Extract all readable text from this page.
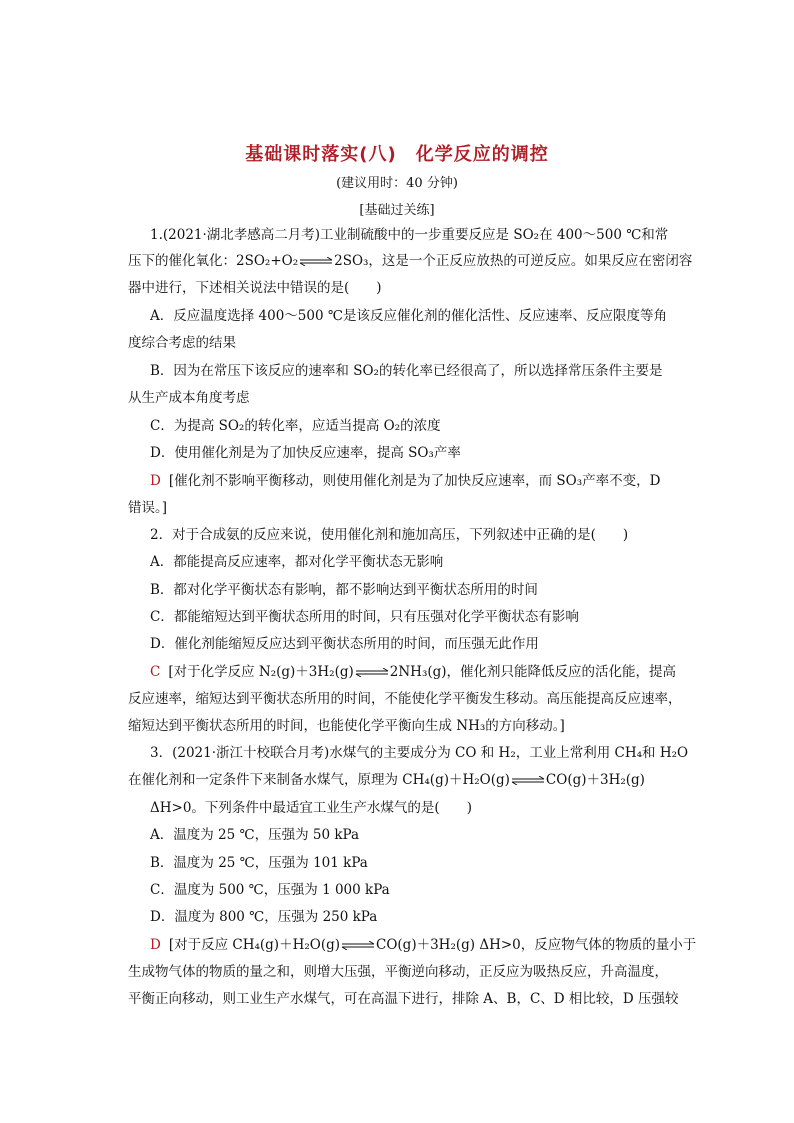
基础课时落实(八)　化学反应的调控
(建议用时：40 分钟)
[基础过关练]
1.(2021·湖北孝感高二月考)工业制硫酸中的一步重要反应是 SO₂在 400～500 ℃和常
压下的催化氧化：2SO₂+O₂⇌2SO₃，这是一个正反应放热的可逆反应。如果反应在密闭容
器中进行，下述相关说法中错误的是(　　)
A．反应温度选择 400～500 ℃是该反应催化剂的催化活性、反应速率、反应限度等角
度综合考虑的结果
B．因为在常压下该反应的速率和 SO₂的转化率已经很高了，所以选择常压条件主要是
从生产成本角度考虑
C．为提高 SO₂的转化率，应适当提高 O₂的浓度
D．使用催化剂是为了加快反应速率，提高 SO₃产率
D [催化剂不影响平衡移动，则使用催化剂是为了加快反应速率，而 SO₃产率不变，D
错误。]
2．对于合成氨的反应来说，使用催化剂和施加高压，下列叙述中正确的是(　　)
A．都能提高反应速率，都对化学平衡状态无影响
B．都对化学平衡状态有影响，都不影响达到平衡状态所用的时间
C．都能缩短达到平衡状态所用的时间，只有压强对化学平衡状态有影响
D．催化剂能缩短反应达到平衡状态所用的时间，而压强无此作用
C [对于化学反应 N₂(g)＋3H₂(g)⇌2NH₃(g)，催化剂只能降低反应的活化能，提高
反应速率，缩短达到平衡状态所用的时间，不能使化学平衡发生移动。高压能提高反应速率，
缩短达到平衡状态所用的时间，也能使化学平衡向生成 NH₃的方向移动。]
3．(2021·浙江十校联合月考)水煤气的主要成分为 CO 和 H₂，工业上常利用 CH₄和 H₂O
在催化剂和一定条件下来制备水煤气，原理为 CH₄(g)＋H₂O(g)⇌CO(g)＋3H₂(g)
ΔH>0。下列条件中最适宜工业生产水煤气的是(　　)
A．温度为 25 ℃，压强为 50 kPa
B．温度为 25 ℃，压强为 101 kPa
C．温度为 500 ℃，压强为 1 000 kPa
D．温度为 800 ℃，压强为 250 kPa
D [对于反应 CH₄(g)＋H₂O(g)⇌CO(g)＋3H₂(g) ΔH>0，反应物气体的物质的量小于
生成物气体的物质的量之和，则增大压强，平衡逆向移动，正反应为吸热反应，升高温度，
平衡正向移动，则工业生产水煤气，可在高温下进行，排除 A、B，C、D 相比较，D 压强较
